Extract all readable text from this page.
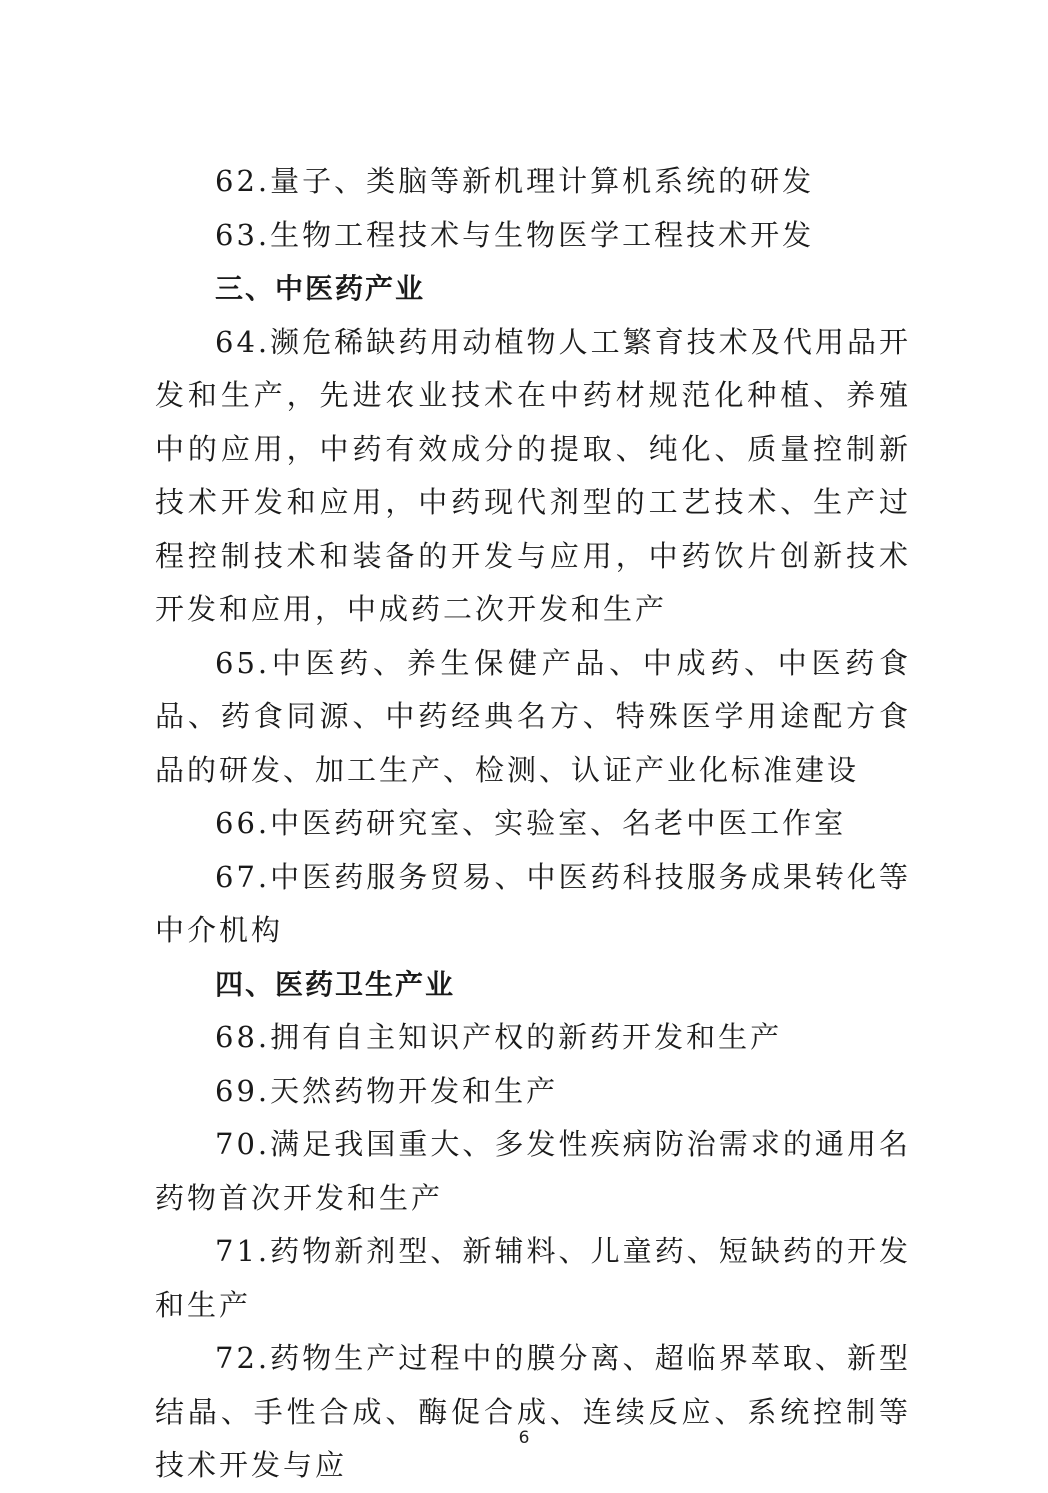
62.量子、类脑等新机理计算机系统的研发

63.生物工程技术与生物医学工程技术开发

三、中医药产业

64.濒危稀缺药用动植物人工繁育技术及代用品开发和生产，先进农业技术在中药材规范化种植、养殖中的应用，中药有效成分的提取、纯化、质量控制新技术开发和应用，中药现代剂型的工艺技术、生产过程控制技术和装备的开发与应用，中药饮片创新技术开发和应用，中成药二次开发和生产

65.中医药、养生保健产品、中成药、中医药食品、药食同源、中药经典名方、特殊医学用途配方食品的研发、加工生产、检测、认证产业化标准建设

66.中医药研究室、实验室、名老中医工作室

67.中医药服务贸易、中医药科技服务成果转化等中介机构

四、医药卫生产业

68.拥有自主知识产权的新药开发和生产

69.天然药物开发和生产

70.满足我国重大、多发性疾病防治需求的通用名药物首次开发和生产

71.药物新剂型、新辅料、儿童药、短缺药的开发和生产

72.药物生产过程中的膜分离、超临界萃取、新型结晶、手性合成、酶促合成、连续反应、系统控制等技术开发与应

6
